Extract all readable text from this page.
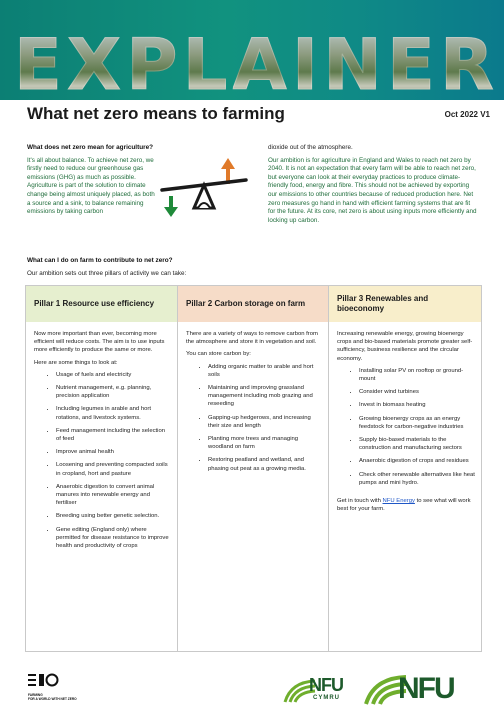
E X P L A I N E R
What net zero means to farming	Oct 2022 V1
What does net zero mean for agriculture?
It's all about balance. To achieve net zero, we firstly need to reduce our greenhouse gas emissions (GHG) as much as possible. Agriculture is part of the solution to climate change being almost uniquely placed, as both a source and a sink, to balance remaining emissions by taking carbon
dioxide out of the atmosphere.
Our ambition is for agriculture in England and Wales to reach net zero by 2040. It is not an expectation that every farm will be able to reach net zero, but everyone can look at their everyday practices to produce climate-friendly food, energy and fibre. This should not be achieved by exporting our emissions to other countries because of reduced production here. Net zero measures go hand in hand with efficient farming systems that are fit for the future. At its core, net zero is about using inputs more efficiently and locking up carbon.
What can I do on farm to contribute to net zero?
Our ambition sets out three pillars of activity we can take:
Pillar 1 Resource use efficiency

Now more important than ever, becoming more efficient will reduce costs. The aim is to use inputs more efficiently to produce the same or more.

Here are some things to look at:

• Usage of fuels and electricity
• Nutrient management, e.g. planning, precision application
• Including legumes in arable and hort rotations, and livestock systems.
• Feed management including the selection of feed
• Improve animal health
• Loosening and preventing compacted soils in cropland, hort and pasture
• Anaerobic digestion to convert animal manures into renewable energy and fertiliser
• Breeding using better genetic selection.
• Gene editing (England only) where permitted for disease resistance to improve health and productivity of crops
Pillar 2 Carbon storage on farm

There are a variety of ways to remove carbon from the atmosphere and store it in vegetation and soil.

You can store carbon by:

• Adding organic matter to arable and hort soils
• Maintaining and improving grassland management including mob grazing and reseeding
• Gapping-up hedgerows, and increasing their size and length
• Planting more trees and managing woodland on farm
• Restoring peatland and wetland, and phasing out peat as a growing media.
Pillar 3 Renewables and bioeconomy

Increasing renewable energy, growing bioenergy crops and bio-based materials promote greater self-sufficiency, business resilience and the circular economy.

• Installing solar PV on rooftop or ground-mount
• Consider wind turbines
• Invest in biomass heating
• Growing bioenergy crops as an energy feedstock for carbon-negative industries
• Supply bio-based materials to the construction and manufacturing sectors
• Anaerobic digestion of crops and residues
• Check other renewable alternatives like heat pumps and mini hydro.

Get in touch with NFU Energy to see what will work best for your farm.

FARMING
FOR A WORLD WITH NET ZERO
NFU
CYMRU NFU
